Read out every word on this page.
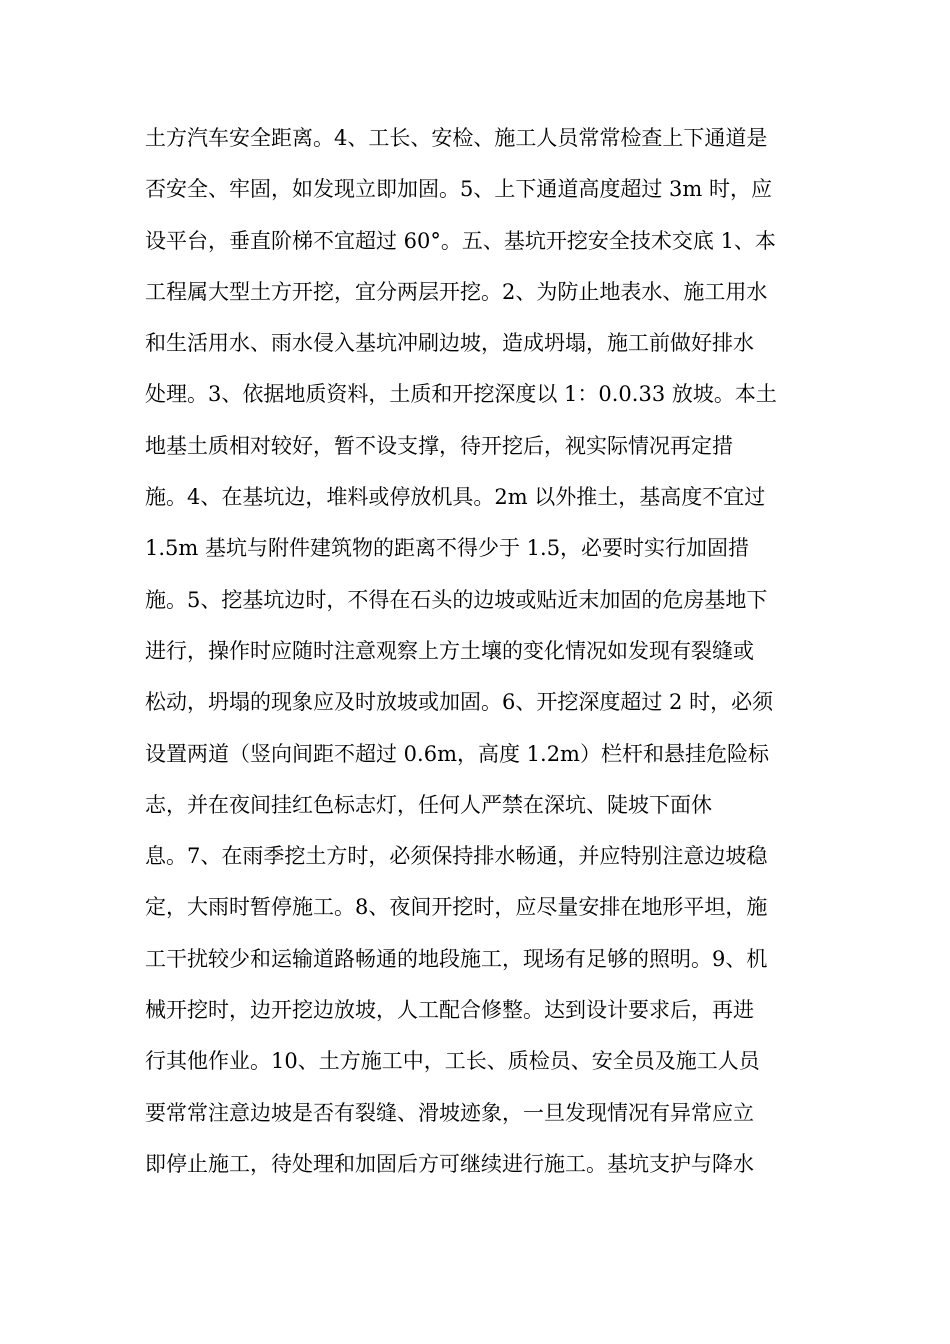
土方汽车安全距离。4、工长、安检、施工人员常常检查上下通道是
否安全、牢固，如发现立即加固。5、上下通道高度超过 3m 时，应
设平台，垂直阶梯不宜超过 60°。五、基坑开挖安全技术交底 1、本
工程属大型土方开挖，宜分两层开挖。2、为防止地表水、施工用水
和生活用水、雨水侵入基坑冲刷边坡，造成坍塌，施工前做好排水
处理。3、依据地质资料，土质和开挖深度以 1：0.0.33 放坡。本土
地基土质相对较好，暂不设支撑，待开挖后，视实际情况再定措
施。4、在基坑边，堆料或停放机具。2m 以外推土，基高度不宜过
1.5m 基坑与附件建筑物的距离不得少于 1.5，必要时实行加固措
施。5、挖基坑边时，不得在石头的边坡或贴近末加固的危房基地下
进行，操作时应随时注意观察上方土壤的变化情况如发现有裂缝或
松动，坍塌的现象应及时放坡或加固。6、开挖深度超过 2 时，必须
设置两道（竖向间距不超过 0.6m，高度 1.2m）栏杆和悬挂危险标
志，并在夜间挂红色标志灯，任何人严禁在深坑、陡坡下面休
息。7、在雨季挖土方时，必须保持排水畅通，并应特别注意边坡稳
定，大雨时暂停施工。8、夜间开挖时，应尽量安排在地形平坦，施
工干扰较少和运输道路畅通的地段施工，现场有足够的照明。9、机
械开挖时，边开挖边放坡，人工配合修整。达到设计要求后，再进
行其他作业。10、土方施工中，工长、质检员、安全员及施工人员
要常常注意边坡是否有裂缝、滑坡迹象，一旦发现情况有异常应立
即停止施工，待处理和加固后方可继续进行施工。基坑支护与降水
